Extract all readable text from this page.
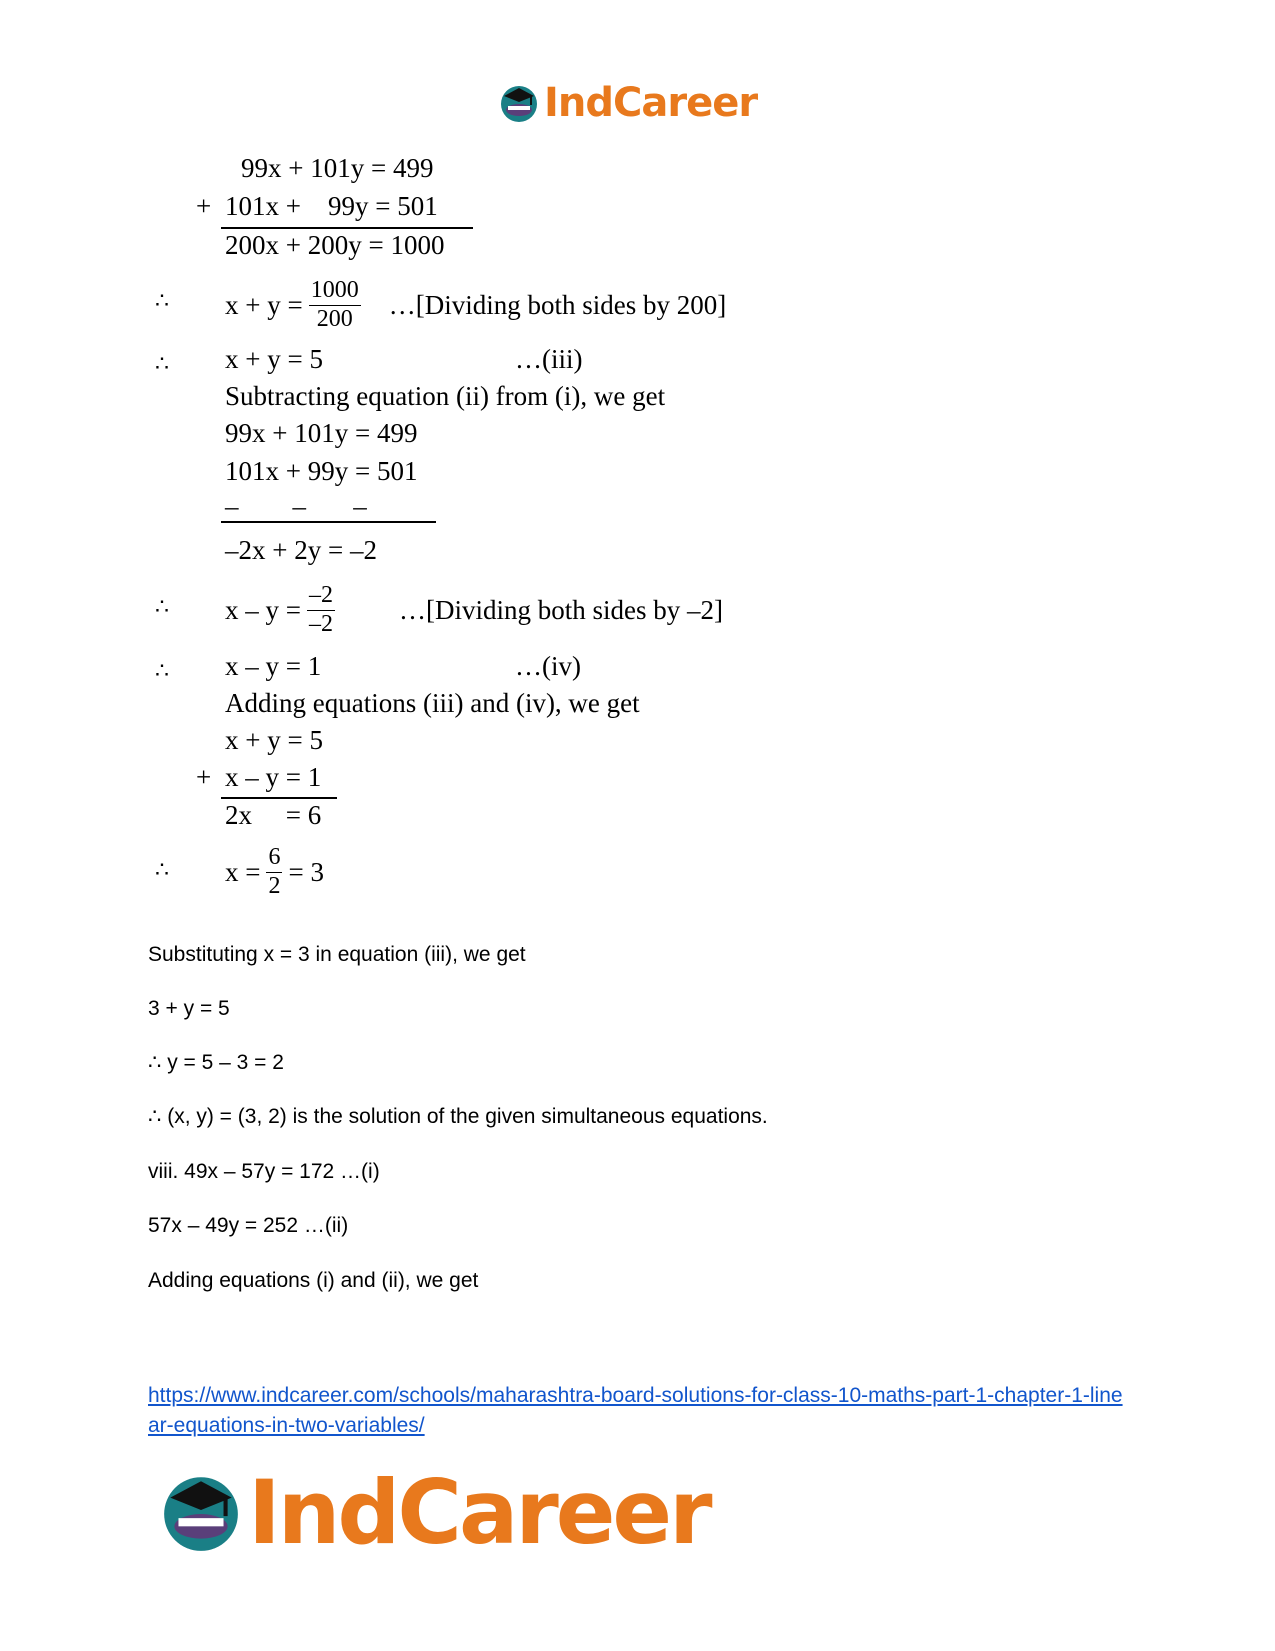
IndCareer
99x + 101y = 499
+ 101x +    99y = 501
200x + 200y = 1000
∴ $x + y = \frac{1000}{200}$ …[Dividing both sides by 200]
∴ x + y = 5	…(iii)
Subtracting equation (ii) from (i), we get
99x + 101y = 499
101x + 99y = 501
–        –       –
–2x + 2y = –2
∴ $x - y = \frac{-2}{-2}$ …[Dividing both sides by –2]
∴ x – y = 1	…(iv)
Adding equations (iii) and (iv), we get
x + y = 5
+ x – y = 1
2x     = 6
∴ $x = \frac{6}{2} = 3$
Substituting x = 3 in equation (iii), we get
3 + y = 5
∴ y = 5 – 3 = 2
∴ (x, y) = (3, 2) is the solution of the given simultaneous equations.
viii. 49x – 57y = 172 …(i)
57x – 49y = 252 …(ii)
Adding equations (i) and (ii), we get
https://www.indcareer.com/schools/maharashtra-board-solutions-for-class-10-maths-part-1-chapter-1-linear-equations-in-two-variables/
IndCareer
